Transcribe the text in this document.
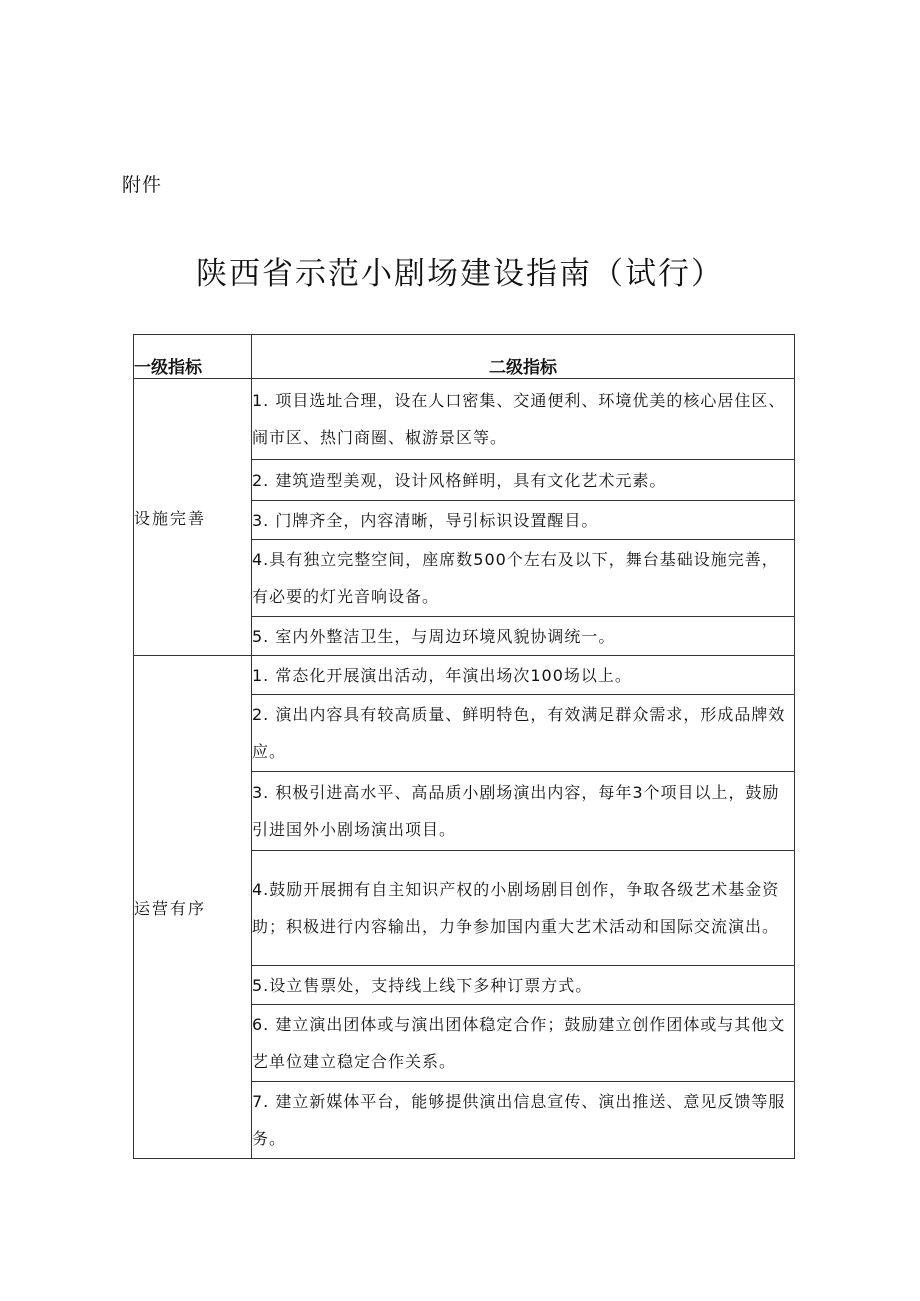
附件
陕西省示范小剧场建设指南（试行）
一级指标	二级指标
设施完善	1. 项目选址合理，设在人口密集、交通便利、环境优美的核心居住区、闹市区、热门商圈、椒游景区等。
	2. 建筑造型美观，设计风格鲜明，具有文化艺术元素。
	3. 门牌齐全，内容清晰，导引标识设置醒目。
	4.具有独立完整空间，座席数500个左右及以下，舞台基础设施完善，有必要的灯光音响设备。
	5. 室内外整洁卫生，与周边环境风貌协调统一。
运营有序	1. 常态化开展演出活动，年演出场次100场以上。
	2. 演出内容具有较高质量、鲜明特色，有效满足群众需求，形成品牌效应。
	3. 积极引进高水平、高品质小剧场演出内容，每年3个项目以上，鼓励引进国外小剧场演出项目。
	4.鼓励开展拥有自主知识产权的小剧场剧目创作，争取各级艺术基金资助；积极进行内容输出，力争参加国内重大艺术活动和国际交流演出。
	5.设立售票处，支持线上线下多种订票方式。
	6. 建立演出团体或与演出团体稳定合作；鼓励建立创作团体或与其他文艺单位建立稳定合作关系。
	7. 建立新媒体平台，能够提供演出信息宣传、演出推送、意见反馈等服务。
